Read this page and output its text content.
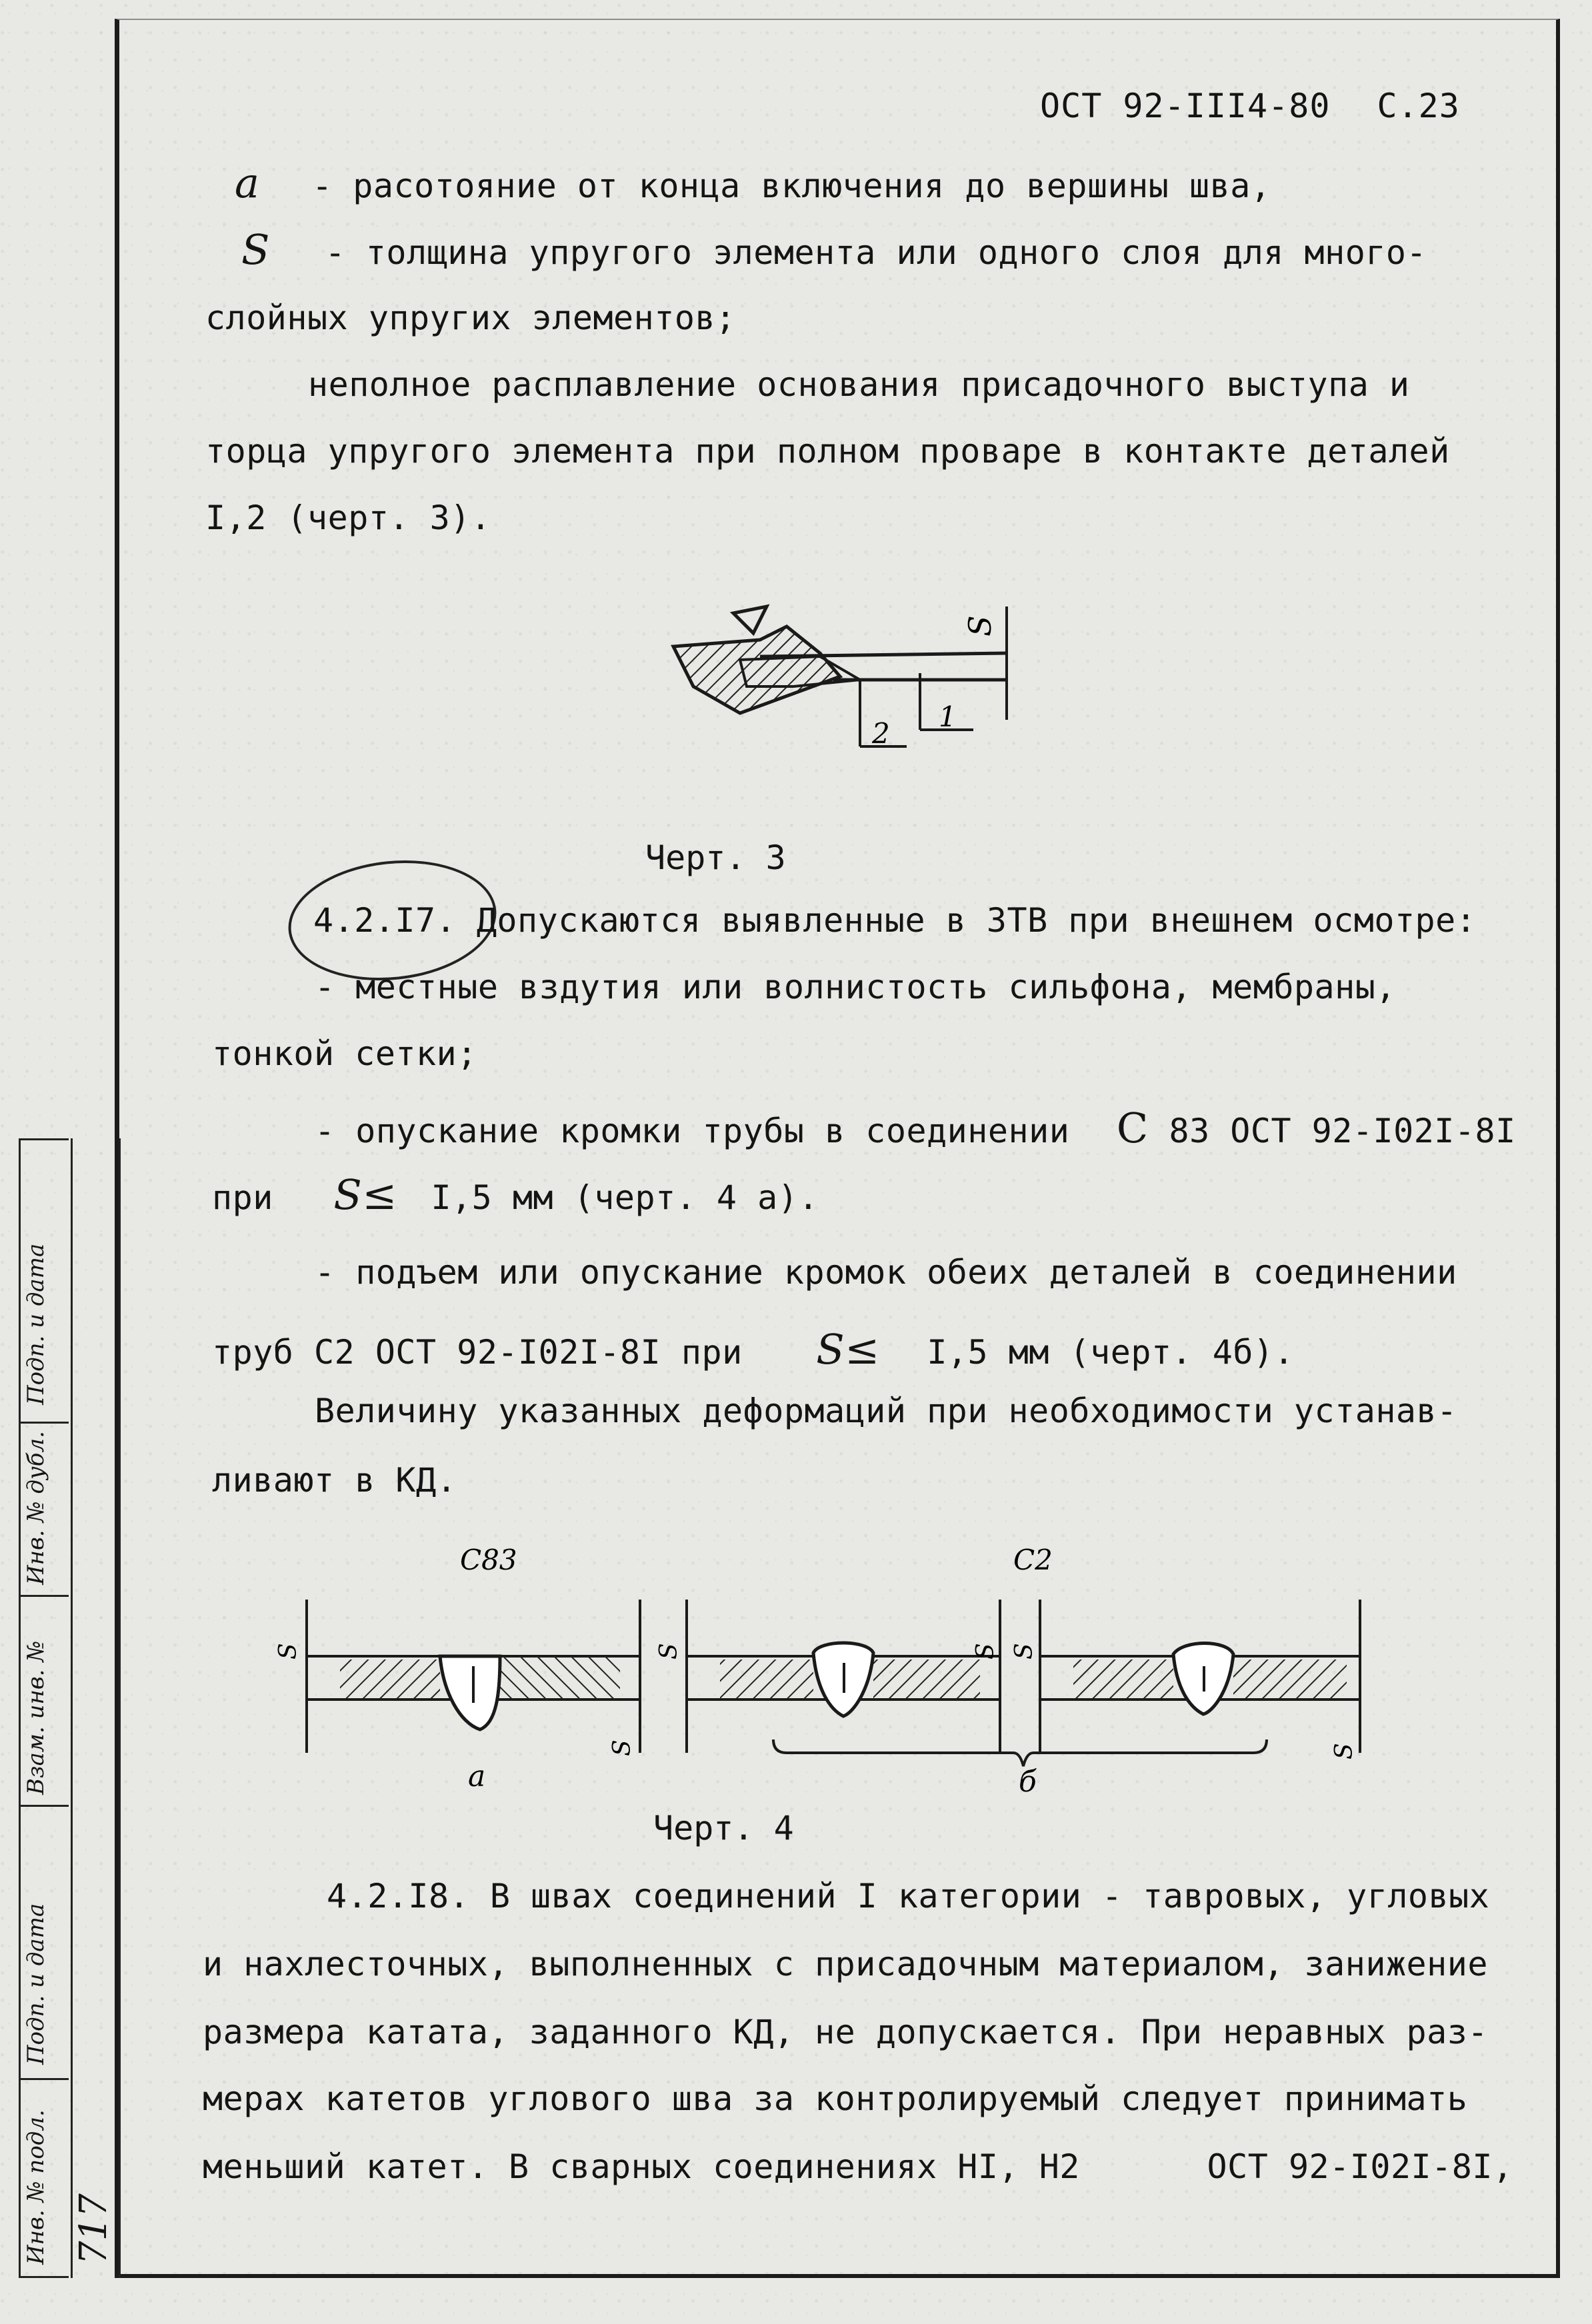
ОСТ 92-III4-80 С.23
а - расотояние от конца включения до вершины шва,
S - толщина упругого элемента или одного слоя для много-
слойных упругих элементов;
неполное расплавление основания присадочного выступа и
торца упругого элемента при полном проваре в контакте деталей
I,2 (черт. 3).
S
1
2
Черт. 3
4.2.I7. Допускаются выявленные в ЗТВ при внешнем осмотре:
- местные вздутия или волнистость сильфона, мембраны,
тонкой сетки;
- опускание кромки трубы в соединении С 83 ОСТ 92-I02I-8I
при S≤ I,5 мм (черт. 4 а).
- подъем или опускание кромок обеих деталей в соединении
труб С2 ОСТ 92-I02I-8I при S≤ I,5 мм (черт. 4б).
Величину указанных деформаций при необходимости устанав-
ливают в КД.
С83	С2
S
S
а
S	S S
S
б
Черт. 4
4.2.I8. В швах соединений I категории - тавровых, угловых
и нахлесточных, выполненных с присадочным материалом, занижение
размера катата, заданного КД, не допускается. При неравных раз-
мерах катетов углового шва за контролируемый следует принимать
меньший катет. В сварных соединениях НI, Н2	ОСТ 92-I02I-8I,
Подп. и дата
Инв. № дубл.
Взам. инв. №
Подп. и дата
Инв. № подл. 717
